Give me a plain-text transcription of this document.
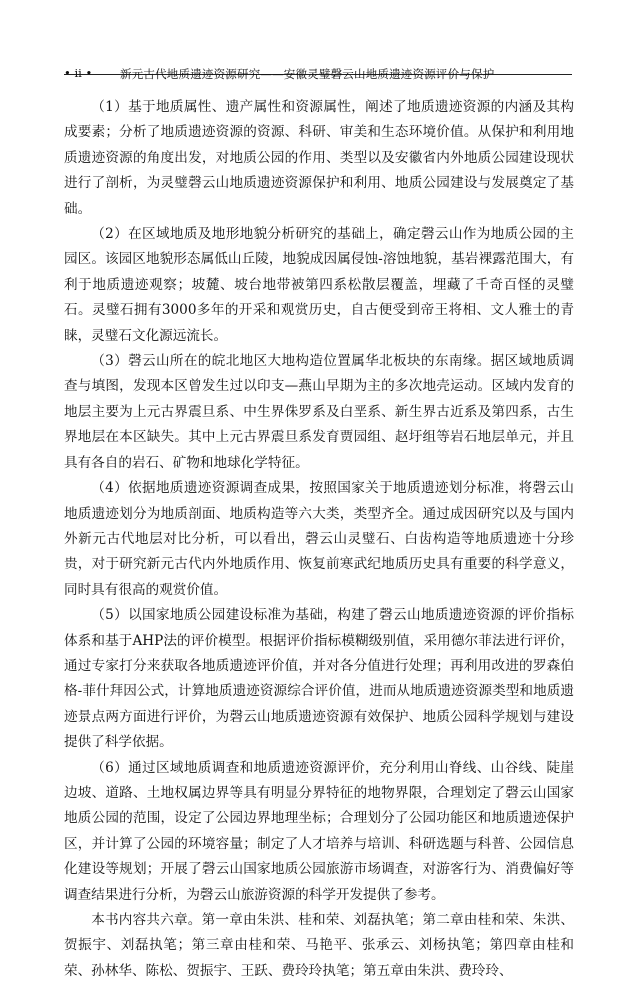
• ii • 新元古代地质遗迹资源研究——安徽灵璧磬云山地质遗迹资源评价与保护

（1）基于地质属性、遗产属性和资源属性，阐述了地质遗迹资源的内涵及其构成要素；分析了地质遗迹资源的资源、科研、审美和生态环境价值。从保护和利用地质遗迹资源的角度出发，对地质公园的作用、类型以及安徽省内外地质公园建设现状进行了剖析，为灵璧磬云山地质遗迹资源保护和利用、地质公园建设与发展奠定了基础。

（2）在区域地质及地形地貌分析研究的基础上，确定磬云山作为地质公园的主园区。该园区地貌形态属低山丘陵，地貌成因属侵蚀-溶蚀地貌，基岩裸露范围大，有利于地质遗迹观察；坡麓、坡台地带被第四系松散层覆盖，埋藏了千奇百怪的灵璧石。灵璧石拥有3000多年的开采和观赏历史，自古便受到帝王将相、文人雅士的青睐，灵璧石文化源远流长。

（3）磬云山所在的皖北地区大地构造位置属华北板块的东南缘。据区域地质调查与填图，发现本区曾发生过以印支—燕山早期为主的多次地壳运动。区域内发育的地层主要为上元古界震旦系、中生界侏罗系及白垩系、新生界古近系及第四系，古生界地层在本区缺失。其中上元古界震旦系发育贾园组、赵圩组等岩石地层单元，并且具有各自的岩石、矿物和地球化学特征。

（4）依据地质遗迹资源调查成果，按照国家关于地质遗迹划分标准，将磬云山地质遗迹划分为地质剖面、地质构造等六大类，类型齐全。通过成因研究以及与国内外新元古代地层对比分析，可以看出，磬云山灵璧石、白齿构造等地质遗迹十分珍贵，对于研究新元古代内外地质作用、恢复前寒武纪地质历史具有重要的科学意义，同时具有很高的观赏价值。

（5）以国家地质公园建设标准为基础，构建了磬云山地质遗迹资源的评价指标体系和基于AHP法的评价模型。根据评价指标模糊级别值，采用德尔菲法进行评价，通过专家打分来获取各地质遗迹评价值，并对各分值进行处理；再利用改进的罗森伯格-菲什拜因公式，计算地质遗迹资源综合评价值，进而从地质遗迹资源类型和地质遗迹景点两方面进行评价，为磬云山地质遗迹资源有效保护、地质公园科学规划与建设提供了科学依据。

（6）通过区域地质调查和地质遗迹资源评价，充分利用山脊线、山谷线、陡崖边坡、道路、土地权属边界等具有明显分界特征的地物界限，合理划定了磬云山国家地质公园的范围，设定了公园边界地理坐标；合理划分了公园功能区和地质遗迹保护区，并计算了公园的环境容量；制定了人才培养与培训、科研选题与科普、公园信息化建设等规划；开展了磬云山国家地质公园旅游市场调查，对游客行为、消费偏好等调查结果进行分析，为磬云山旅游资源的科学开发提供了参考。

本书内容共六章。第一章由朱洪、桂和荣、刘磊执笔；第二章由桂和荣、朱洪、贺振宇、刘磊执笔；第三章由桂和荣、马艳平、张承云、刘杨执笔；第四章由桂和荣、孙林华、陈松、贺振宇、王跃、费玲玲执笔；第五章由朱洪、费玲玲、
